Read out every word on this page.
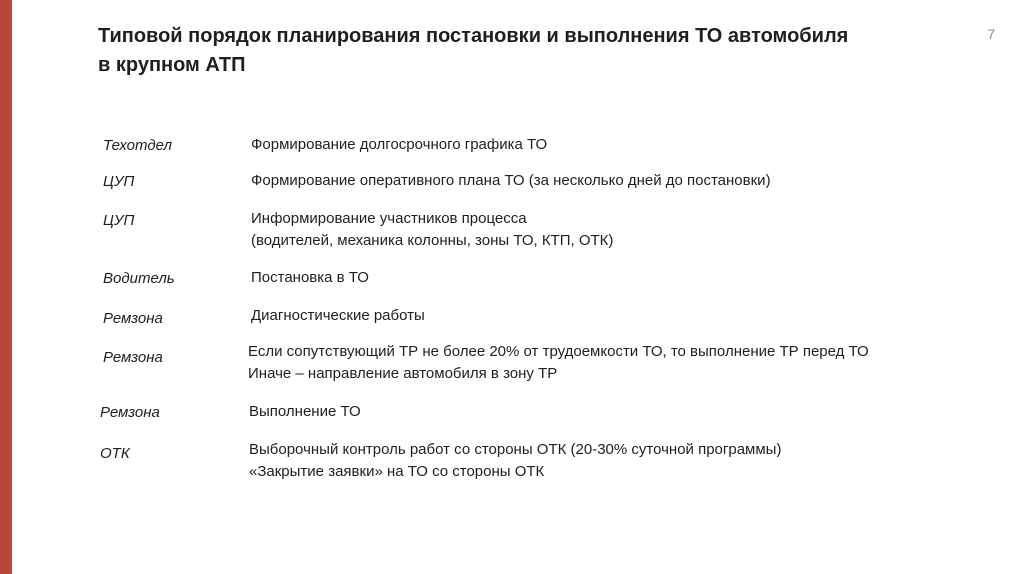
7
Типовой порядок планирования постановки и выполнения ТО автомобиля
в крупном АТП
Техотдел	Формирование долгосрочного графика ТО
ЦУП	Формирование оперативного плана ТО (за несколько дней до постановки)
ЦУП	Информирование участников процесса
(водителей, механика колонны, зоны ТО, КТП, ОТК)
Водитель	Постановка в ТО
Ремзона	Диагностические работы
Ремзона	Если сопутствующий ТР не более 20% от трудоемкости ТО, то выполнение ТР перед ТО
Иначе – направление автомобиля в зону ТР
Ремзона	Выполнение ТО
ОТК	Выборочный контроль работ со стороны ОТК (20-30% суточной программы)
«Закрытие заявки» на ТО со стороны ОТК
